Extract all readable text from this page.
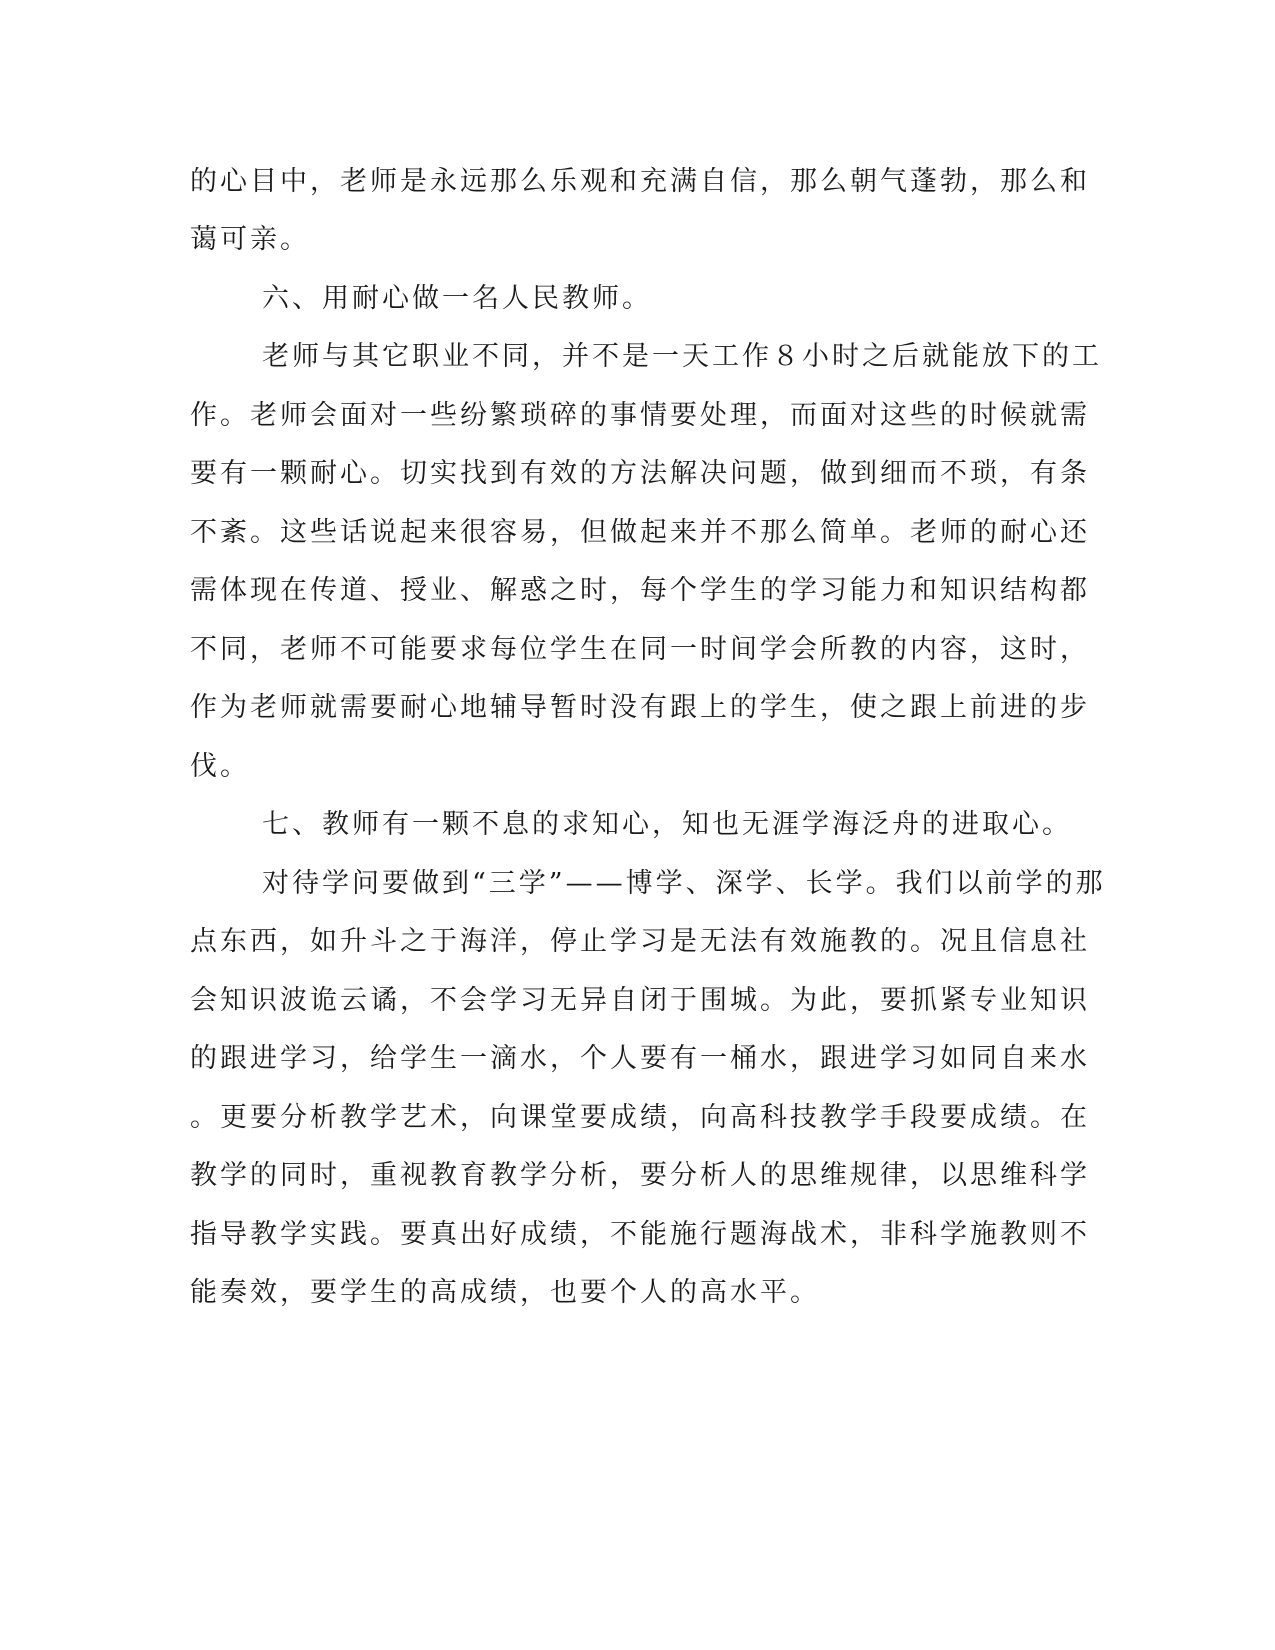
的心目中，老师是永远那么乐观和充满自信，那么朝气蓬勃，那么和
蔼可亲。
六、用耐心做一名人民教师。
老师与其它职业不同，并不是一天工作８小时之后就能放下的工
作。老师会面对一些纷繁琐碎的事情要处理，而面对这些的时候就需
要有一颗耐心。切实找到有效的方法解决问题，做到细而不琐，有条
不紊。这些话说起来很容易，但做起来并不那么简单。老师的耐心还
需体现在传道、授业、解惑之时，每个学生的学习能力和知识结构都
不同，老师不可能要求每位学生在同一时间学会所教的内容，这时，
作为老师就需要耐心地辅导暂时没有跟上的学生，使之跟上前进的步
伐。
七、教师有一颗不息的求知心，知也无涯学海泛舟的进取心。
对待学问要做到“三学”——博学、深学、长学。我们以前学的那
点东西，如升斗之于海洋，停止学习是无法有效施教的。况且信息社
会知识波诡云谲，不会学习无异自闭于围城。为此，要抓紧专业知识
的跟进学习，给学生一滴水，个人要有一桶水，跟进学习如同自来水
。更要分析教学艺术，向课堂要成绩，向高科技教学手段要成绩。在
教学的同时，重视教育教学分析，要分析人的思维规律，以思维科学
指导教学实践。要真出好成绩，不能施行题海战术，非科学施教则不
能奏效，要学生的高成绩，也要个人的高水平。
